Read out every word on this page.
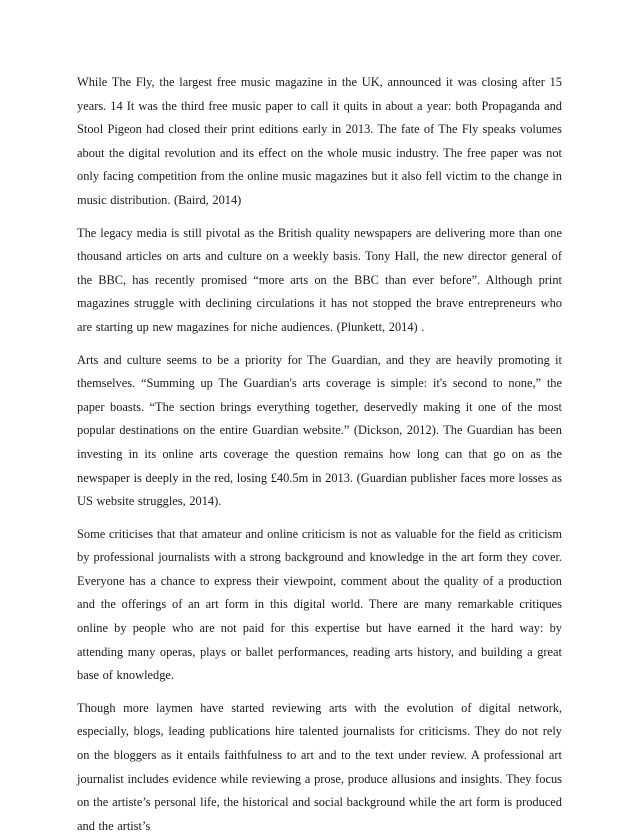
While The Fly, the largest free music magazine in the UK, announced it was closing after 15 years. 14 It was the third free music paper to call it quits in about a year: both Propaganda and Stool Pigeon had closed their print editions early in 2013. The fate of The Fly speaks volumes about the digital revolution and its effect on the whole music industry. The free paper was not only facing competition from the online music magazines but it also fell victim to the change in music distribution. (Baird, 2014)

The legacy media is still pivotal as the British quality newspapers are delivering more than one thousand articles on arts and culture on a weekly basis. Tony Hall, the new director general of the BBC, has recently promised “more arts on the BBC than ever before”. Although print magazines struggle with declining circulations it has not stopped the brave entrepreneurs who are starting up new magazines for niche audiences. (Plunkett, 2014) .

Arts and culture seems to be a priority for The Guardian, and they are heavily promoting it themselves. “Summing up The Guardian's arts coverage is simple: it's second to none,” the paper boasts. “The section brings everything together, deservedly making it one of the most popular destinations on the entire Guardian website.” (Dickson, 2012). The Guardian has been investing in its online arts coverage the question remains how long can that go on as the newspaper is deeply in the red, losing £40.5m in 2013. (Guardian publisher faces more losses as US website struggles, 2014).

Some criticises that that amateur and online criticism is not as valuable for the field as criticism by professional journalists with a strong background and knowledge in the art form they cover. Everyone has a chance to express their viewpoint, comment about the quality of a production and the offerings of an art form in this digital world. There are many remarkable critiques online by people who are not paid for this expertise but have earned it the hard way: by attending many operas, plays or ballet performances, reading arts history, and building a great base of knowledge.

Though more laymen have started reviewing arts with the evolution of digital network, especially, blogs, leading publications hire talented journalists for criticisms. They do not rely on the bloggers as it entails faithfulness to art and to the text under review. A professional art journalist includes evidence while reviewing a prose, produce allusions and insights. They focus on the artiste’s personal life, the historical and social background while the art form is produced and the artist’s
